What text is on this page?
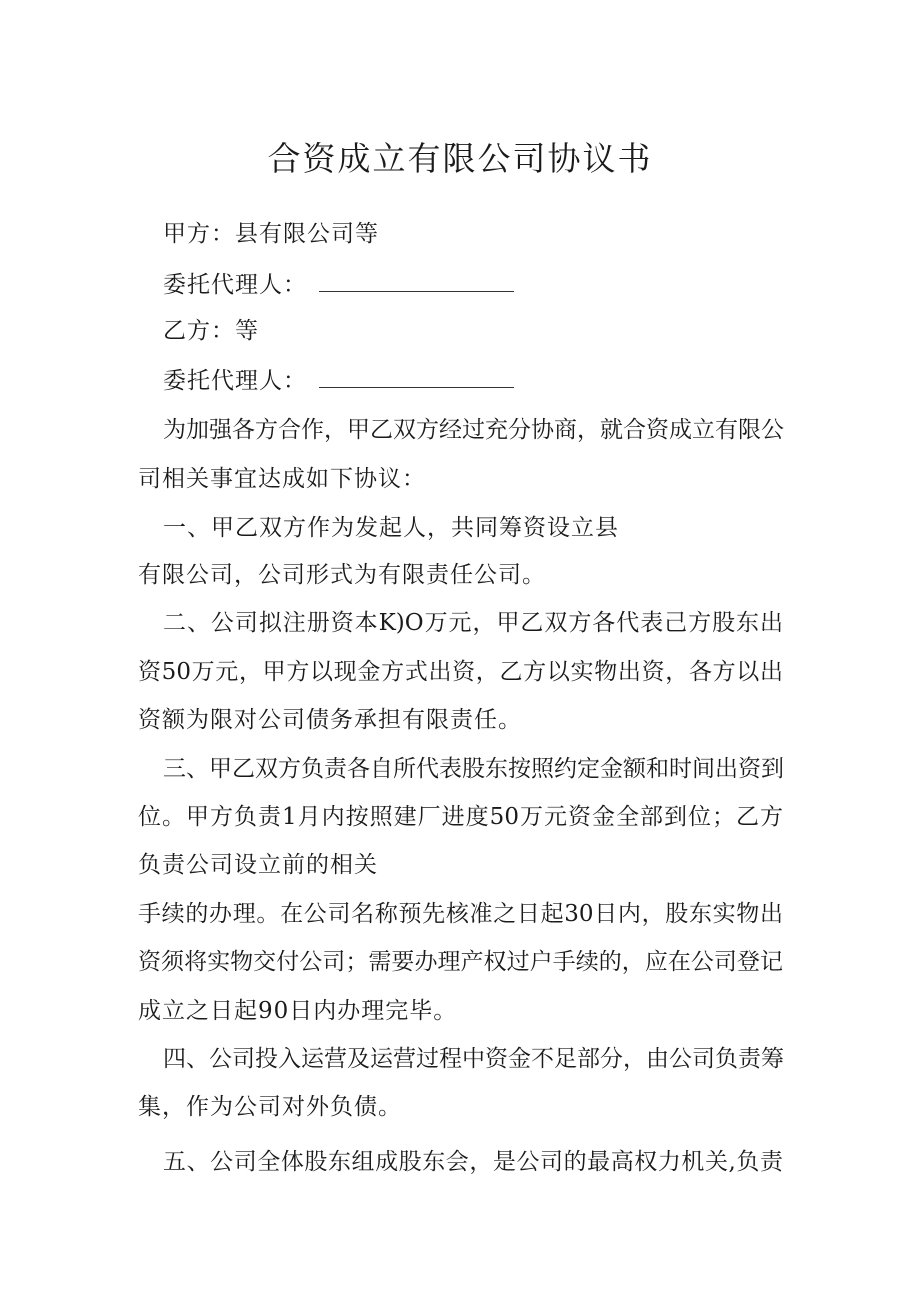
合资成立有限公司协议书

甲方：县有限公司等

委托代理人：

乙方：等

委托代理人：

为加强各方合作，甲乙双方经过充分协商，就合资成立有限公

司相关事宜达成如下协议：

一、甲乙双方作为发起人，共同筹资设立县

有限公司，公司形式为有限责任公司。

二、公司拟注册资本K)O万元，甲乙双方各代表己方股东出

资50万元，甲方以现金方式出资，乙方以实物出资，各方以出

资额为限对公司债务承担有限责任。

三、甲乙双方负责各自所代表股东按照约定金额和时间出资到

位。甲方负责1月内按照建厂进度50万元资金全部到位；乙方

负责公司设立前的相关

手续的办理。在公司名称预先核准之日起30日内，股东实物出

资须将实物交付公司；需要办理产权过户手续的，应在公司登记

成立之日起90日内办理完毕。

四、公司投入运营及运营过程中资金不足部分，由公司负责筹

集，作为公司对外负债。

五、公司全体股东组成股东会，是公司的最高权力机关,负责
